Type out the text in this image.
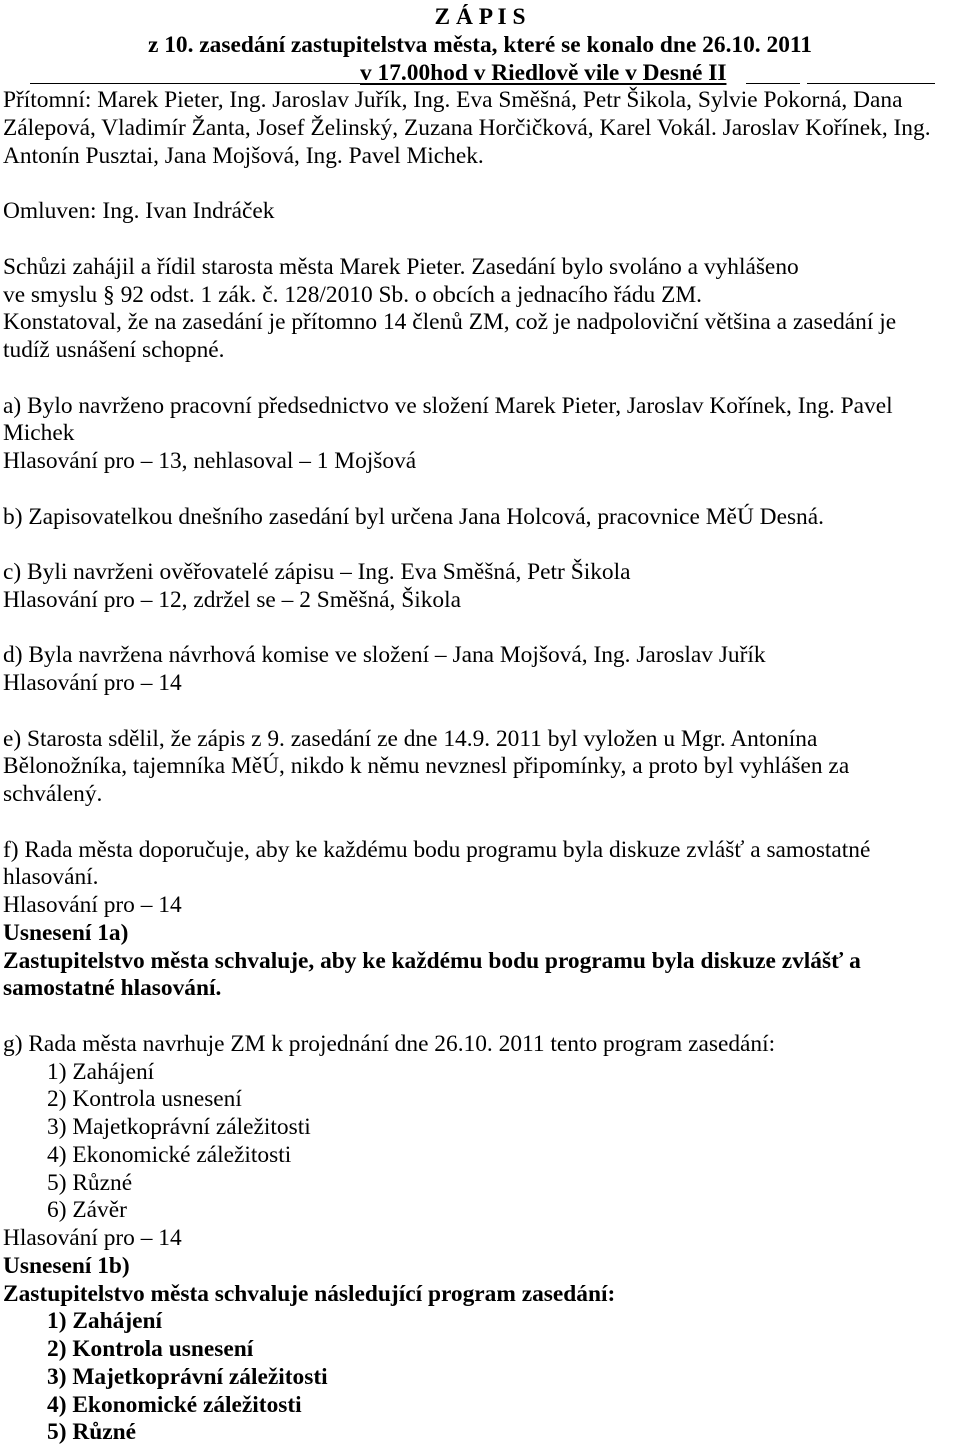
Z Á P I S
z 10. zasedání zastupitelstva města, které se konalo dne 26.10. 2011
v 17.00hod v Riedlově vile v Desné II
Přítomní: Marek Pieter, Ing. Jaroslav Juřík, Ing. Eva Směšná, Petr Šikola, Sylvie Pokorná, Dana
Zálepová, Vladimír Žanta, Josef Želinský, Zuzana Horčičková, Karel Vokál. Jaroslav Kořínek, Ing.
Antonín Pusztai, Jana Mojšová, Ing. Pavel Michek.
Omluven: Ing. Ivan Indráček
Schůzi zahájil a řídil starosta města Marek Pieter. Zasedání bylo svoláno a vyhlášeno
ve smyslu § 92 odst. 1 zák. č. 128/2010 Sb. o obcích a jednacího řádu ZM.
Konstatoval, že na zasedání je přítomno 14 členů ZM, což je nadpoloviční většina a zasedání je
tudíž usnášení schopné.
a) Bylo navrženo pracovní předsednictvo ve složení Marek Pieter, Jaroslav Kořínek, Ing. Pavel
Michek
Hlasování pro – 13, nehlasoval – 1 Mojšová
b) Zapisovatelkou dnešního zasedání byl určena Jana Holcová, pracovnice MěÚ Desná.
c) Byli navrženi ověřovatelé zápisu – Ing. Eva Směšná, Petr Šikola
Hlasování pro – 12, zdržel se – 2 Směšná, Šikola
d) Byla navržena návrhová komise ve složení – Jana Mojšová, Ing. Jaroslav Juřík
Hlasování pro – 14
e) Starosta sdělil, že zápis z 9. zasedání ze dne 14.9. 2011 byl vyložen u Mgr. Antonína
Bělonožníka, tajemníka MěÚ, nikdo k němu nevznesl připomínky, a proto byl vyhlášen za
schválený.
f) Rada města doporučuje, aby ke každému bodu programu byla diskuze zvlášť a samostatné
hlasování.
Hlasování pro – 14
Usnesení 1a)
Zastupitelstvo města schvaluje, aby ke každému bodu programu byla diskuze zvlášť a
samostatné hlasování.
g) Rada města navrhuje ZM k projednání dne 26.10. 2011 tento program zasedání:
1) Zahájení
2) Kontrola usnesení
3) Majetkoprávní záležitosti
4) Ekonomické záležitosti
5) Různé
6) Závěr
Hlasování pro – 14
Usnesení 1b)
Zastupitelstvo města schvaluje následující program zasedání:
1) Zahájení
2) Kontrola usnesení
3) Majetkoprávní záležitosti
4) Ekonomické záležitosti
5) Různé
